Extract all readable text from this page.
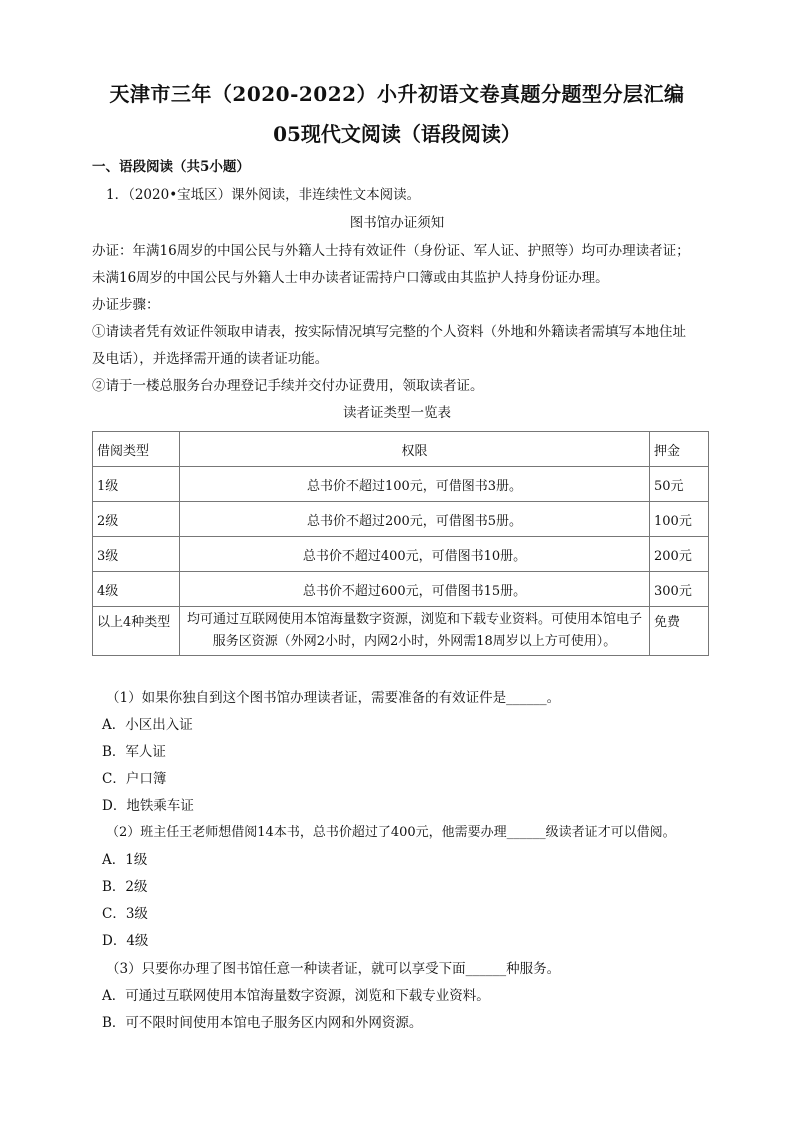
天津市三年（2020-2022）小升初语文卷真题分题型分层汇编
05现代文阅读（语段阅读）
一、语段阅读（共5小题）
1．（2020•宝坻区）课外阅读，非连续性文本阅读。
图书馆办证须知
办证：年满16周岁的中国公民与外籍人士持有效证件（身份证、军人证、护照等）均可办理读者证；
未满16周岁的中国公民与外籍人士申办读者证需持户口簿或由其监护人持身份证办理。
办证步骤：
①请读者凭有效证件领取申请表，按实际情况填写完整的个人资料（外地和外籍读者需填写本地住址
及电话），并选择需开通的读者证功能。
②请于一楼总服务台办理登记手续并交付办证费用，领取读者证。
读者证类型一览表
借阅类型	权限	押金
1级	总书价不超过100元，可借图书3册。	50元
2级	总书价不超过200元，可借图书5册。	100元
3级	总书价不超过400元，可借图书10册。	200元
4级	总书价不超过600元，可借图书15册。	300元
以上4种类型	均可通过互联网使用本馆海量数字资源，浏览和下载专业资料。可使用本馆电子服务区资源（外网2小时，内网2小时，外网需18周岁以上方可使用）。	免费
（1）如果你独自到这个图书馆办理读者证，需要准备的有效证件是______。
A．小区出入证
B．军人证
C．户口簿
D．地铁乘车证
（2）班主任王老师想借阅14本书，总书价超过了400元，他需要办理______级读者证才可以借阅。
A．1级
B．2级
C．3级
D．4级
（3）只要你办理了图书馆任意一种读者证，就可以享受下面______种服务。
A．可通过互联网使用本馆海量数字资源，浏览和下载专业资料。
B．可不限时间使用本馆电子服务区内网和外网资源。
